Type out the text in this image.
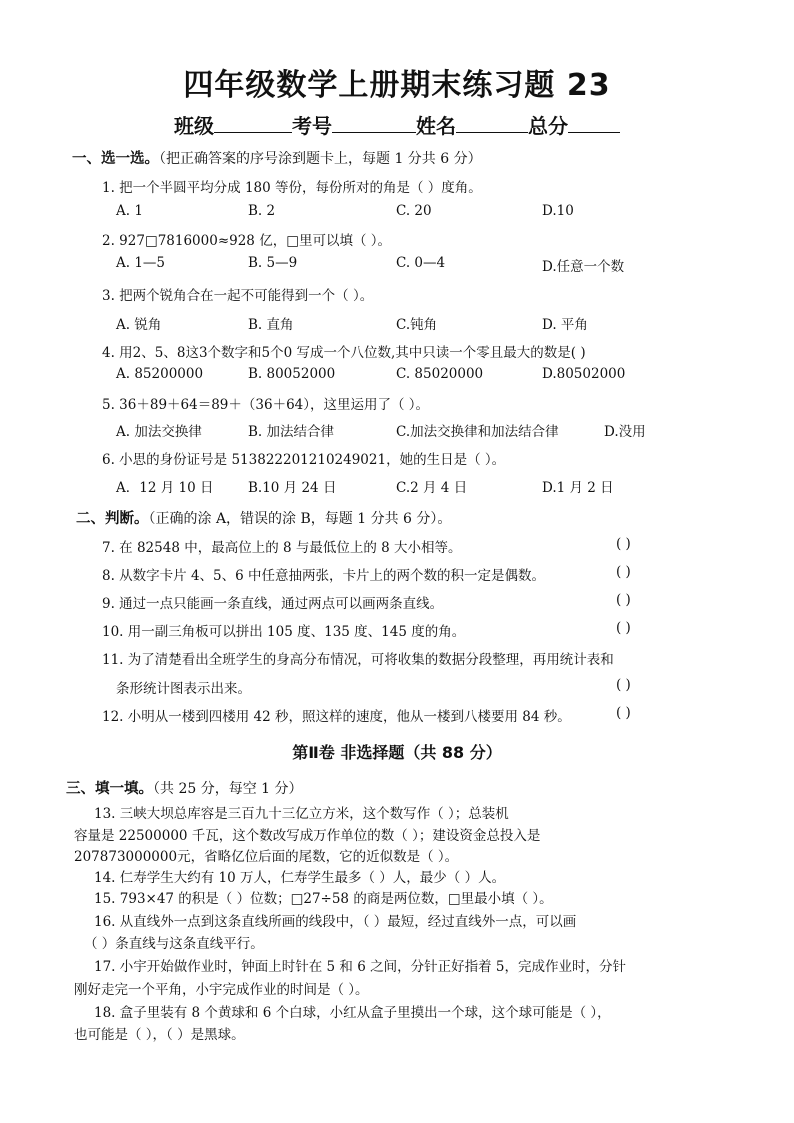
四年级数学上册期末练习题 23
班级	考号	姓名	总分
一、选一选。（把正确答案的序号涂到题卡上，每题 1 分共 6 分）
1. 把一个半圆平均分成 180 等份，每份所对的角是（ ）度角。
A. 1	B. 2	C. 20	D.10
2. 927□7816000≈928 亿，□里可以填（ ）。
A. 1—5	B. 5—9	C. 0—4	D.任意一个数
3. 把两个锐角合在一起不可能得到一个（ ）。
A. 锐角	B. 直角	C.钝角	D. 平角
4. 用2、5、8这3个数字和5个0 写成一个八位数,其中只读一个零且最大的数是( )
A. 85200000	B. 80052000	C. 85020000	D.80502000
5. 36＋89＋64＝89＋（36＋64），这里运用了（ ）。
A. 加法交换律	B. 加法结合律	C.加法交换律和加法结合律	D.没用
6. 小思的身份证号是 513822201210249021，她的生日是（ ）。
A．12 月 10 日	B.10 月 24 日	C.2 月 4 日	D.1 月 2 日
二、判断。（正确的涂 A，错误的涂 B，每题 1 分共 6 分）。
7. 在 82548 中，最高位上的 8 与最低位上的 8 大小相等。	( )
8. 从数字卡片 4、5、6 中任意抽两张，卡片上的两个数的积一定是偶数。	( )
9. 通过一点只能画一条直线，通过两点可以画两条直线。	( )
10. 用一副三角板可以拼出 105 度、135 度、145 度的角。	( )
11. 为了清楚看出全班学生的身高分布情况，可将收集的数据分段整理，再用统计表和
条形统计图表示出来。	( )
12. 小明从一楼到四楼用 42 秒，照这样的速度，他从一楼到八楼要用 84 秒。	( )
第Ⅱ卷 非选择题（共 88 分）
三、填一填。（共 25 分，每空 1 分）
13. 三峡大坝总库容是三百九十三亿立方米，这个数写作（ ）；总装机
容量是 22500000 千瓦，这个数改写成万作单位的数（ ）；建设资金总投入是
207873000000元，省略亿位后面的尾数，它的近似数是（ ）。
14. 仁寿学生大约有 10 万人，仁寿学生最多（ ）人，最少（ ）人。
15. 793×47 的积是（ ）位数；□27÷58 的商是两位数，□里最小填（ ）。
16. 从直线外一点到这条直线所画的线段中，（ ）最短，经过直线外一点，可以画
（ ）条直线与这条直线平行。
17. 小宇开始做作业时，钟面上时针在 5 和 6 之间，分针正好指着 5，完成作业时，分针
刚好走完一个平角，小宇完成作业的时间是（ ）。
18. 盒子里装有 8 个黄球和 6 个白球，小红从盒子里摸出一个球，这个球可能是（ ），
也可能是（ ），（ ）是黑球。
